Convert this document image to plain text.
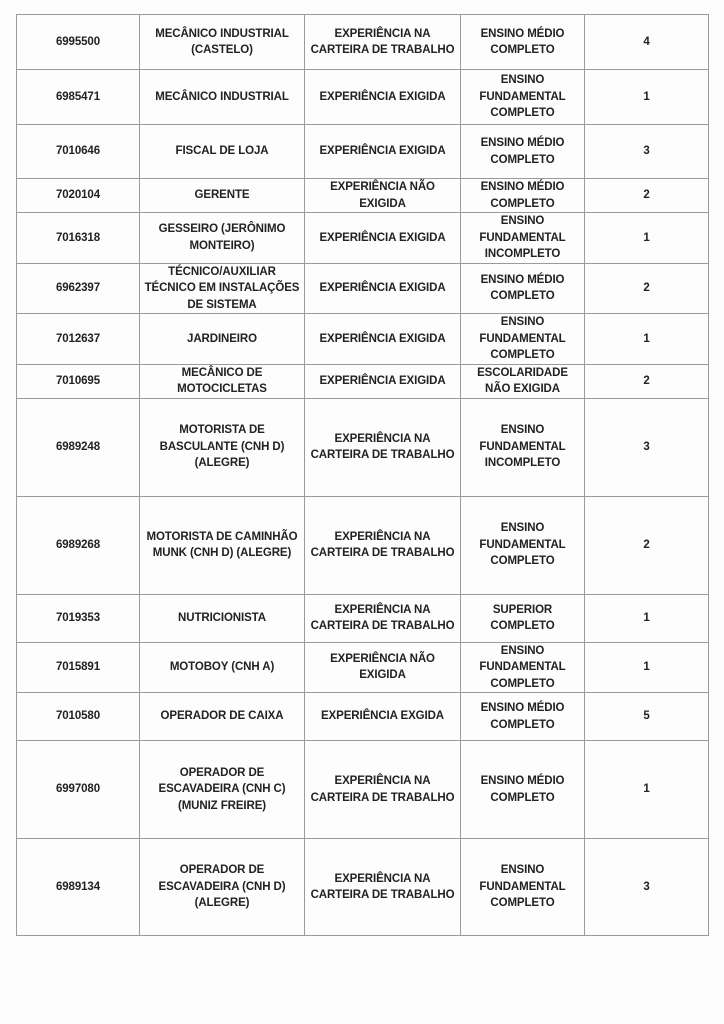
6995500	MECÂNICO INDUSTRIAL (CASTELO)	EXPERIÊNCIA NA CARTEIRA DE TRABALHO	ENSINO MÉDIO COMPLETO	4
6985471	MECÂNICO INDUSTRIAL	EXPERIÊNCIA EXIGIDA	ENSINO FUNDAMENTAL COMPLETO	1
7010646	FISCAL DE LOJA	EXPERIÊNCIA EXIGIDA	ENSINO MÉDIO COMPLETO	3
7020104	GERENTE	EXPERIÊNCIA NÃO EXIGIDA	ENSINO MÉDIO COMPLETO	2
7016318	GESSEIRO (JERÔNIMO MONTEIRO)	EXPERIÊNCIA EXIGIDA	ENSINO FUNDAMENTAL INCOMPLETO	1
6962397	TÉCNICO/AUXILIAR TÉCNICO EM INSTALAÇÕES DE SISTEMA	EXPERIÊNCIA EXIGIDA	ENSINO MÉDIO COMPLETO	2
7012637	JARDINEIRO	EXPERIÊNCIA EXIGIDA	ENSINO FUNDAMENTAL COMPLETO	1
7010695	MECÂNICO DE MOTOCICLETAS	EXPERIÊNCIA EXIGIDA	ESCOLARIDADE NÃO EXIGIDA	2
6989248	MOTORISTA DE BASCULANTE (CNH D) (ALEGRE)	EXPERIÊNCIA NA CARTEIRA DE TRABALHO	ENSINO FUNDAMENTAL INCOMPLETO	3
6989268	MOTORISTA DE CAMINHÃO MUNK (CNH D) (ALEGRE)	EXPERIÊNCIA NA CARTEIRA DE TRABALHO	ENSINO FUNDAMENTAL COMPLETO	2
7019353	NUTRICIONISTA	EXPERIÊNCIA NA CARTEIRA DE TRABALHO	SUPERIOR COMPLETO	1
7015891	MOTOBOY (CNH A)	EXPERIÊNCIA NÃO EXIGIDA	ENSINO FUNDAMENTAL COMPLETO	1
7010580	OPERADOR DE CAIXA	EXPERIÊNCIA EXGIDA	ENSINO MÉDIO COMPLETO	5
6997080	OPERADOR DE ESCAVADEIRA (CNH C) (MUNIZ FREIRE)	EXPERIÊNCIA NA CARTEIRA DE TRABALHO	ENSINO MÉDIO COMPLETO	1
6989134	OPERADOR DE ESCAVADEIRA (CNH D) (ALEGRE)	EXPERIÊNCIA NA CARTEIRA DE TRABALHO	ENSINO FUNDAMENTAL COMPLETO	3
